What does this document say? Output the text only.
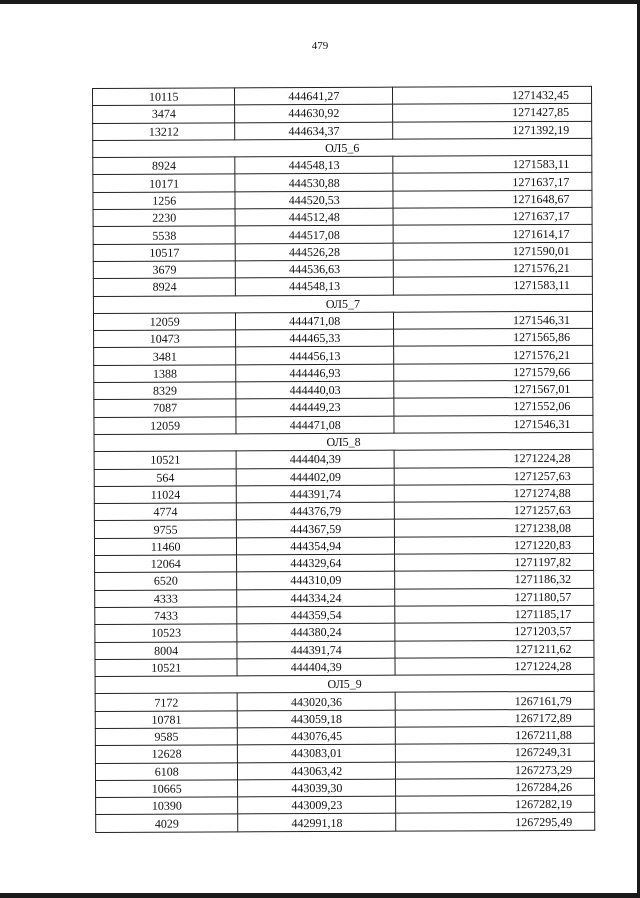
479
10115	444641,27	1271432,45
3474	444630,92	1271427,85
13212	444634,37	1271392,19
ОЛ5_6		
8924	444548,13	1271583,11
10171	444530,88	1271637,17
1256	444520,53	1271648,67
2230	444512,48	1271637,17
5538	444517,08	1271614,17
10517	444526,28	1271590,01
3679	444536,63	1271576,21
8924	444548,13	1271583,11
ОЛ5_7		
12059	444471,08	1271546,31
10473	444465,33	1271565,86
3481	444456,13	1271576,21
1388	444446,93	1271579,66
8329	444440,03	1271567,01
7087	444449,23	1271552,06
12059	444471,08	1271546,31
ОЛ5_8		
10521	444404,39	1271224,28
564	444402,09	1271257,63
11024	444391,74	1271274,88
4774	444376,79	1271257,63
9755	444367,59	1271238,08
11460	444354,94	1271220,83
12064	444329,64	1271197,82
6520	444310,09	1271186,32
4333	444334,24	1271180,57
7433	444359,54	1271185,17
10523	444380,24	1271203,57
8004	444391,74	1271211,62
10521	444404,39	1271224,28
ОЛ5_9		
7172	443020,36	1267161,79
10781	443059,18	1267172,89
9585	443076,45	1267211,88
12628	443083,01	1267249,31
6108	443063,42	1267273,29
10665	443039,30	1267284,26
10390	443009,23	1267282,19
4029	442991,18	1267295,49
